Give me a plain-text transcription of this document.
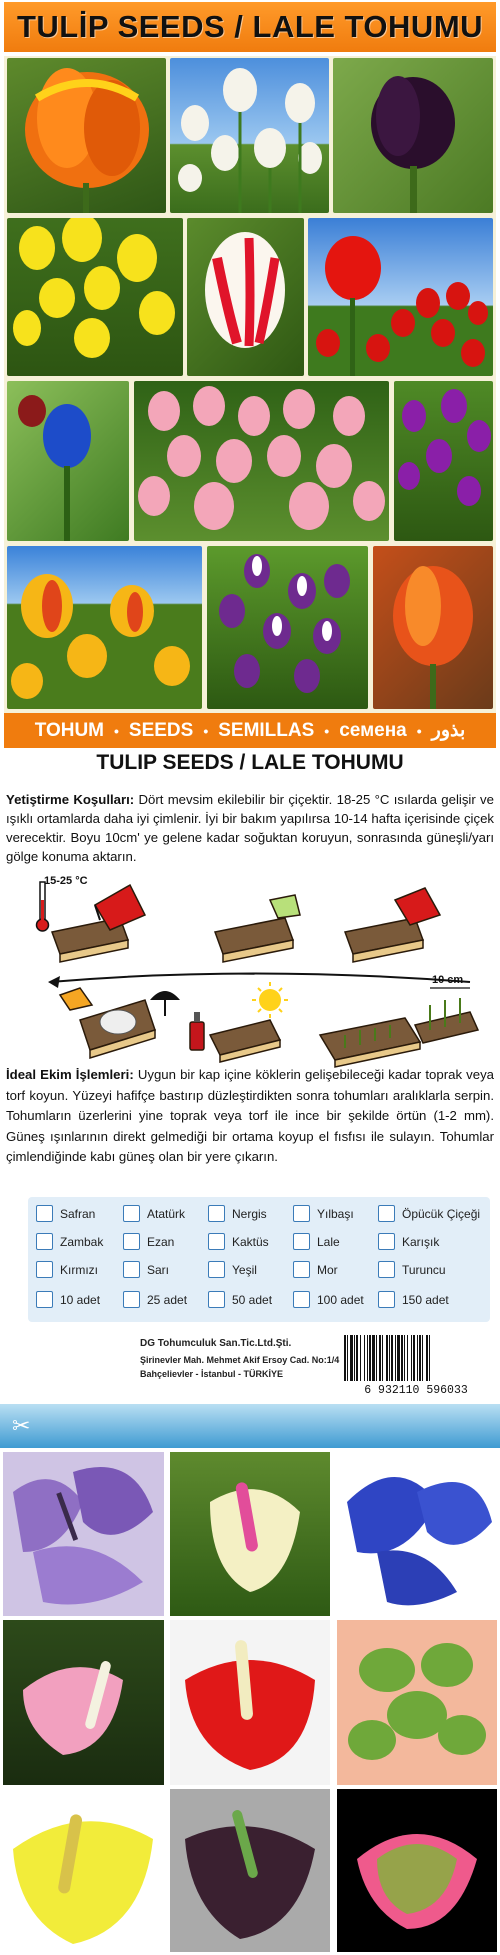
TULİP SEEDS / LALE TOHUMU
TOHUM • SEEDS • SEMILLAS • семена • بذور
TULIP SEEDS / LALE TOHUMU
Yetiştirme Koşulları: Dört mevsim ekilebilir bir çiçektir. 18-25 °C ısılarda gelişir ve ışıklı ortamlarda daha iyi çimlenir. İyi bir bakım yapılırsa 10-14 hafta içerisinde çiçek verecektir. Boyu 10cm' ye gelene kadar soğuktan koruyun, sonrasında güneşli/yarı gölge konuma aktarın.
15-25 °C
10 cm
İdeal Ekim İşlemleri: Uygun bir kap içine köklerin gelişebileceği kadar toprak veya torf koyun. Yüzeyi hafifçe bastırıp düzleştirdikten sonra tohumları aralıklarla serpin. Tohumların üzerlerini yine toprak veya torf ile ince bir şekilde örtün (1-2 mm). Güneş ışınlarının direkt gelmediği bir ortama koyup el fısfısı ile sulayın. Tohumlar çimlendiğinde kabı güneş olan bir yere çıkarın.
Safran	Atatürk	Nergis	Yılbaşı	Öpücük Çiçeği
Zambak	Ezan	Kaktüs	Lale	Karışık
Kırmızı	Sarı	Yeşil	Mor	Turuncu
10 adet	25 adet	50 adet	100 adet	150 adet
DG Tohumculuk San.Tic.Ltd.Şti.
Şirinevler Mah. Mehmet Akif Ersoy Cad. No:1/4
Bahçelievler - İstanbul - TÜRKİYE
6 932110 596033
✂
